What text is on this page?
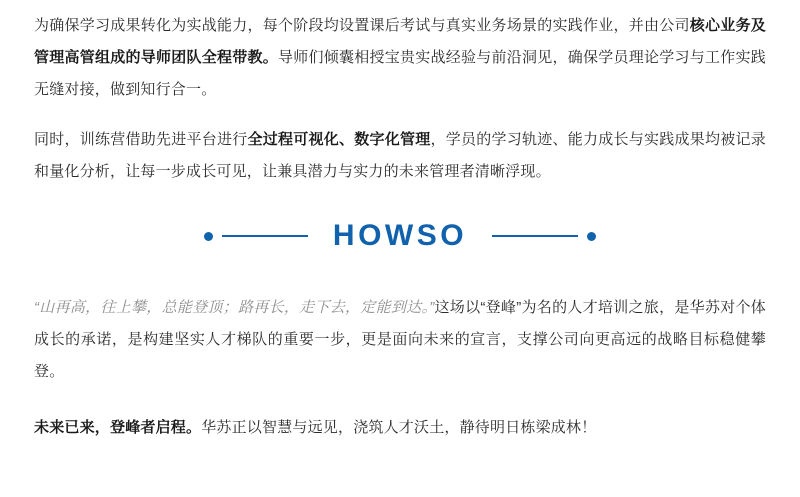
为确保学习成果转化为实战能力，每个阶段均设置课后考试与真实业务场景的实践作业，并由公司核心业务及管理高管组成的导师团队全程带教。导师们倾囊相授宝贵实战经验与前沿洞见，确保学员理论学习与工作实践无缝对接，做到知行合一。

同时，训练营借助先进平台进行全过程可视化、数字化管理，学员的学习轨迹、能力成长与实践成果均被记录和量化分析，让每一步成长可见，让兼具潜力与实力的未来管理者清晰浮现。

HOWSO

“山再高，往上攀，总能登顶；路再长，走下去，定能到达。”这场以“登峰”为名的人才培训之旅，是华苏对个体成长的承诺，是构建坚实人才梯队的重要一步，更是面向未来的宣言，支撑公司向更高远的战略目标稳健攀登。

未来已来，登峰者启程。华苏正以智慧与远见，浇筑人才沃土，静待明日栋梁成林！
